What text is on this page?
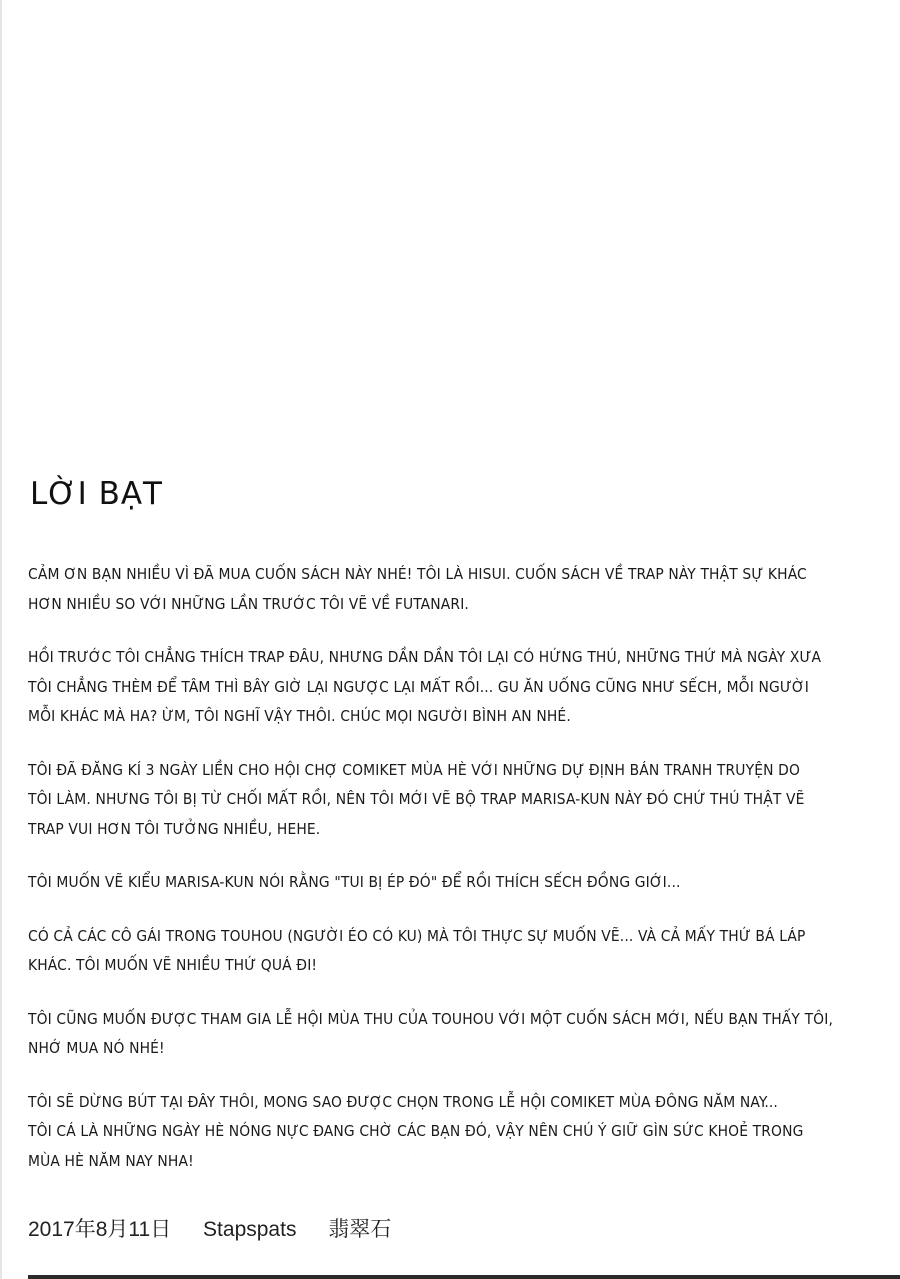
LỜI BẠT

CẢM ƠN BẠN NHIỀU VÌ ĐÃ MUA CUỐN SÁCH NÀY NHÉ! TÔI LÀ HISUI. CUỐN SÁCH VỀ TRAP NÀY THẬT SỰ KHÁC
HƠN NHIỀU SO VỚI NHỮNG LẦN TRƯỚC TÔI VẼ VỀ FUTANARI.

HỒI TRƯỚC TÔI CHẲNG THÍCH TRAP ĐÂU, NHƯNG DẦN DẦN TÔI LẠI CÓ HỨNG THÚ, NHỮNG THỨ MÀ NGÀY XƯA
TÔI CHẲNG THÈM ĐỂ TÂM THÌ BÂY GIỜ LẠI NGƯỢC LẠI MẤT RỒI... GU ĂN UỐNG CŨNG NHƯ SẾCH, MỖI NGƯỜI
MỖI KHÁC MÀ HA? ỪM, TÔI NGHĨ VẬY THÔI. CHÚC MỌI NGƯỜI BÌNH AN NHÉ.

TÔI ĐÃ ĐĂNG KÍ 3 NGÀY LIỀN CHO HỘI CHỢ COMIKET MÙA HÈ VỚI NHỮNG DỰ ĐỊNH BÁN TRANH TRUYỆN DO
TÔI LÀM. NHƯNG TÔI BỊ TỪ CHỐI MẤT RỒI, NÊN TÔI MỚI VẼ BỘ TRAP MARISA-KUN NÀY ĐÓ CHỨ THÚ THẬT VẼ
TRAP VUI HƠN TÔI TƯỞNG NHIỀU, HEHE.

TÔI MUỐN VẼ KIỂU MARISA-KUN NÓI RẰNG "TUI BỊ ÉP ĐÓ" ĐỂ RỒI THÍCH SẾCH ĐỒNG GIỚI...

CÓ CẢ CÁC CÔ GÁI TRONG TOUHOU (NGƯỜI ÉO CÓ KU) MÀ TÔI THỰC SỰ MUỐN VẼ... VÀ CẢ MẤY THỨ BÁ LÁP
KHÁC. TÔI MUỐN VẼ NHIỀU THỨ QUÁ ĐI!

TÔI CŨNG MUỐN ĐƯỢC THAM GIA LỄ HỘI MÙA THU CỦA TOUHOU VỚI MỘT CUỐN SÁCH MỚI, NẾU BẠN THẤY TÔI,
NHỚ MUA NÓ NHÉ!

TÔI SẼ DỪNG BÚT TẠI ĐÂY THÔI, MONG SAO ĐƯỢC CHỌN TRONG LỄ HỘI COMIKET MÙA ĐÔNG NĂM NAY...
TÔI CÁ LÀ NHỮNG NGÀY HÈ NÓNG NỰC ĐANG CHỜ CÁC BẠN ĐÓ, VẬY NÊN CHÚ Ý GIỮ GÌN SỨC KHOẺ TRONG
MÙA HÈ NĂM NAY NHA!

2017年8月11日 Stapspats 翡翠石
